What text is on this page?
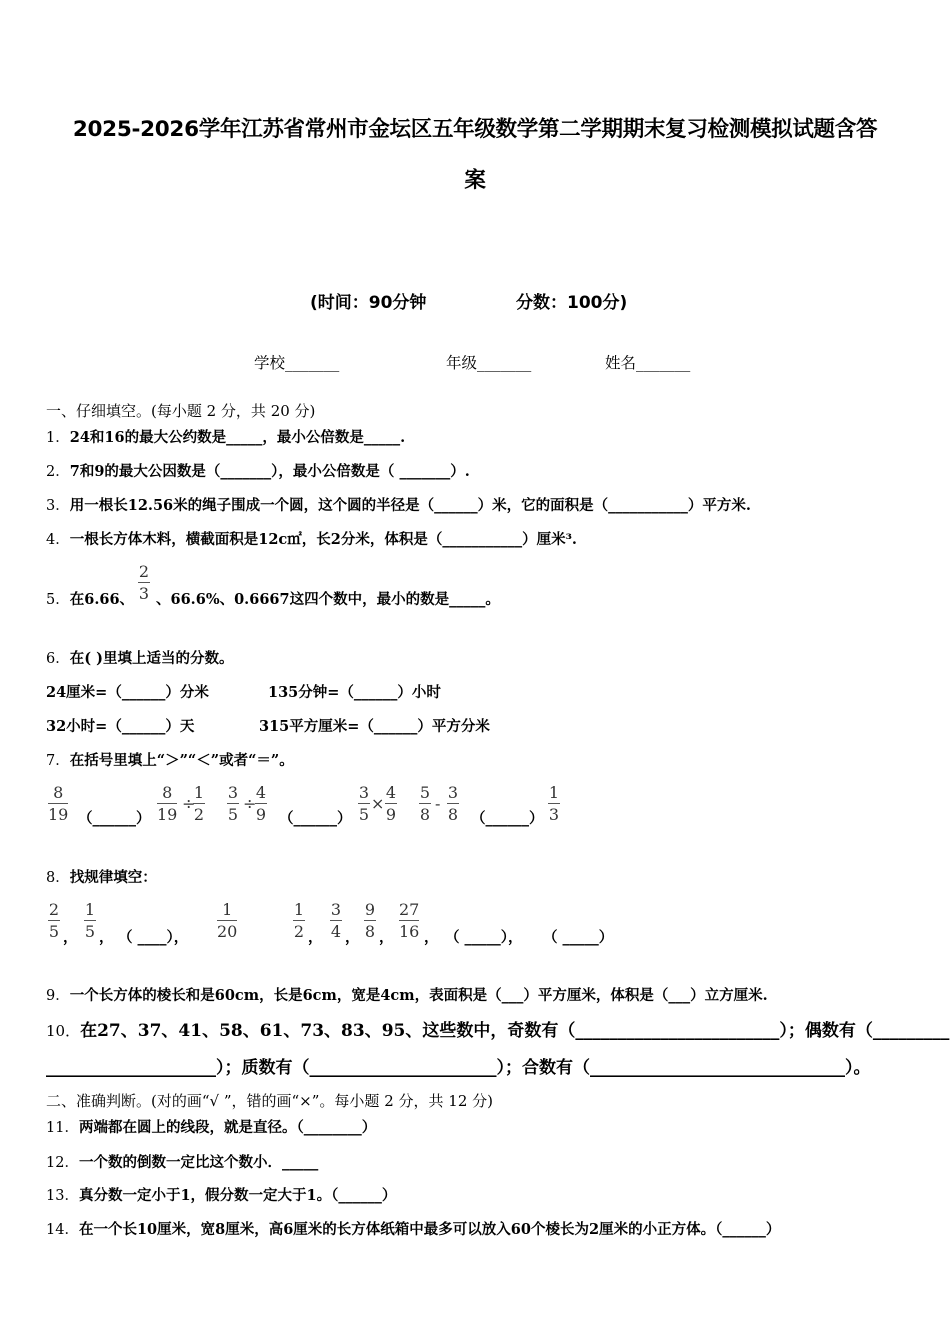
2025-2026学年江苏省常州市金坛区五年级数学第二学期期末复习检测模拟试题含答
案
(时间：90分钟	分数：100分)
学校_______	年级_______	姓名_______
一、仔细填空。(每小题 2 分，共 20 分)
1．24和16的最大公约数是_____，最小公倍数是_____.
2．7和9的最大公因数是（_______），最小公倍数是（ _______）.
3．用一根长12.56米的绳子围成一个圆，这个圆的半径是（______）米，它的面积是（___________）平方米.
4．一根长方体木料，横截面积是12c㎡，长2分米，体积是（___________）厘米³.
5．在6.66、
2
3 、66.6%、0.6667这四个数中，最小的数是_____。
6．在( )里填上适当的分数。
24厘米=（______）分米	135分钟=（______）小时
32小时=（______）天	315平方厘米=（______）平方分米
7．在括号里填上“＞”“＜”或者“＝”。
8
19 （______）
8
19
÷
1
2
3
5
÷
4
9 （______）
3
5
×
4
9
5
8
-
3
8 （______）
1
3
8．找规律填空：
2
5 ，
1
5 ， （ ____），
1
20
1
2 ，
3
4 ，
9
8 ，
27
16 ， （ _____）， （ _____）
9．一个长方体的棱长和是60cm，长是6cm，宽是4cm，表面积是（___）平方厘米，体积是（___）立方厘米.
10．在27、37、41、58、61、73、83、95、这些数中，奇数有（________________________）；偶数有（_________
____________________）；质数有（______________________）；合数有（______________________________）。
二、准确判断。(对的画“√ ”，错的画“×”。每小题 2 分，共 12 分)
11．两端都在圆上的线段，就是直径。（________）
12．一个数的倒数一定比这个数小．_____
13．真分数一定小于1，假分数一定大于1。（______）
14．在一个长10厘米，宽8厘米，高6厘米的长方体纸箱中最多可以放入60个棱长为2厘米的小正方体。（______）
